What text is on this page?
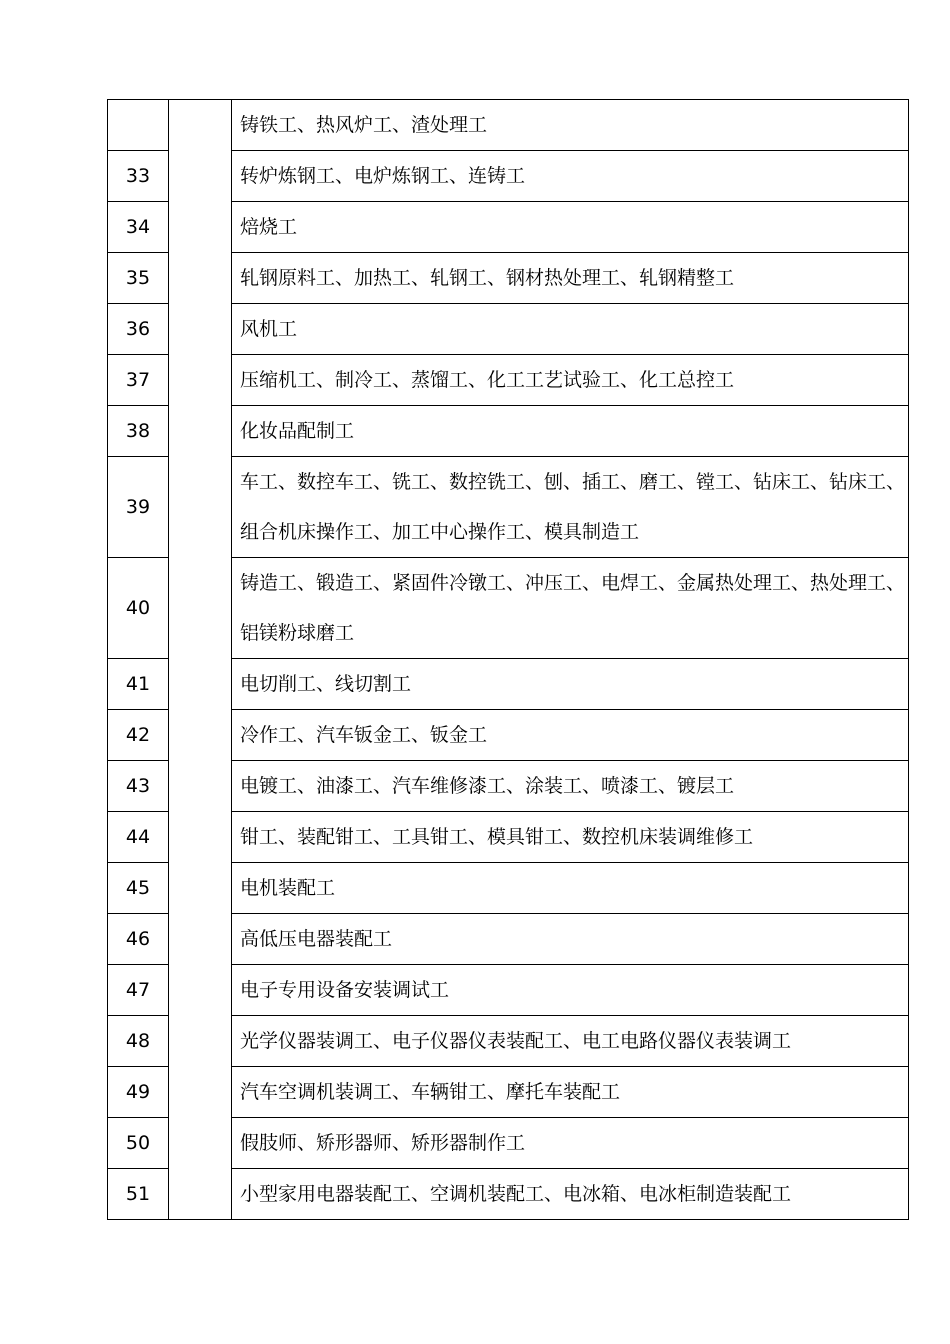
		铸铁工、热风炉工、渣处理工

33		转炉炼钢工、电炉炼钢工、连铸工

34		焙烧工

35		轧钢原料工、加热工、轧钢工、钢材热处理工、轧钢精整工

36		风机工

37		压缩机工、制冷工、蒸馏工、化工工艺试验工、化工总控工

38		化妆品配制工

39		车工、数控车工、铣工、数控铣工、刨、插工、磨工、镗工、钻床工、钻床工、
组合机床操作工、加工中心操作工、模具制造工

40		铸造工、锻造工、紧固件冷镦工、冲压工、电焊工、金属热处理工、热处理工、
铝镁粉球磨工

41		电切削工、线切割工

42		冷作工、汽车钣金工、钣金工

43		电镀工、油漆工、汽车维修漆工、涂装工、喷漆工、镀层工

44		钳工、装配钳工、工具钳工、模具钳工、数控机床装调维修工

45		电机装配工

46		高低压电器装配工

47		电子专用设备安装调试工

48		光学仪器装调工、电子仪器仪表装配工、电工电路仪器仪表装调工

49		汽车空调机装调工、车辆钳工、摩托车装配工

50		假肢师、矫形器师、矫形器制作工

51		小型家用电器装配工、空调机装配工、电冰箱、电冰柜制造装配工
